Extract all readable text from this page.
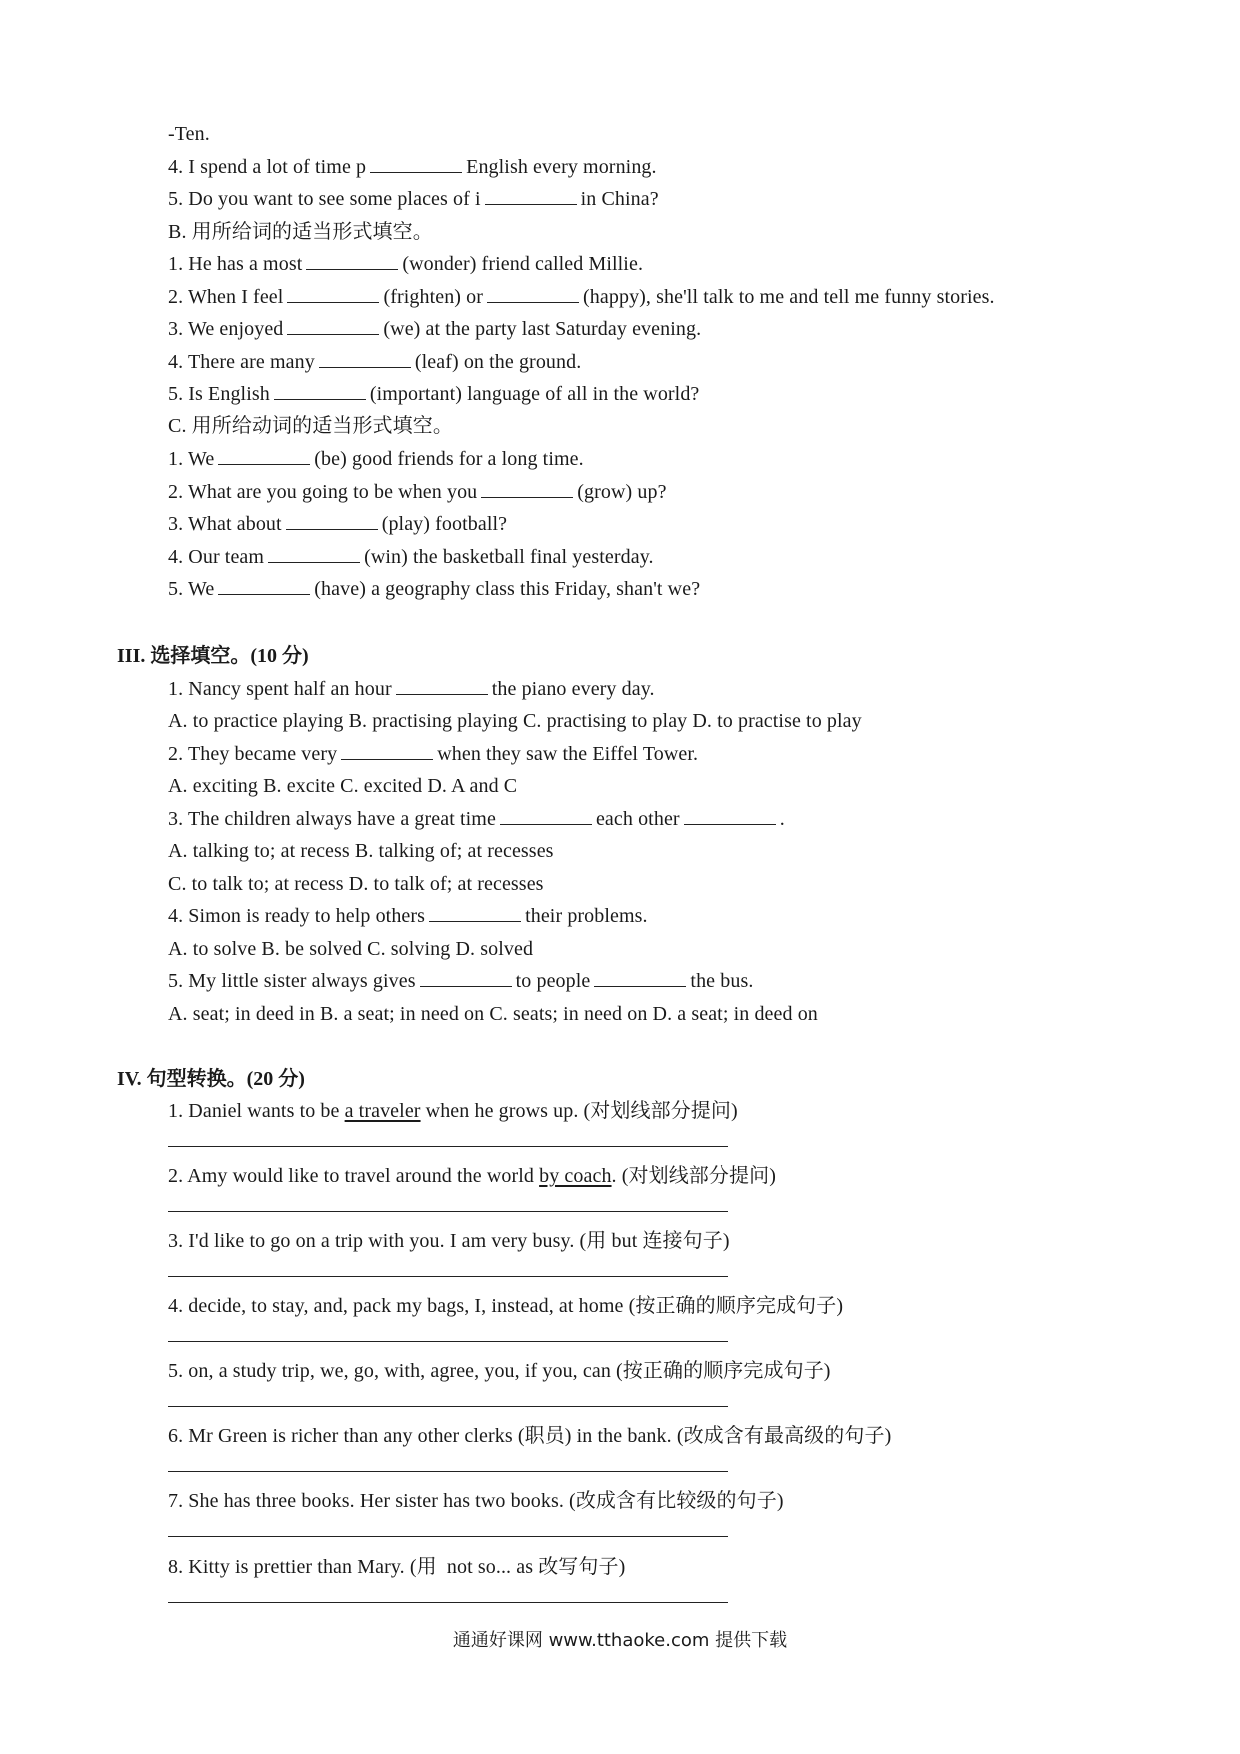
-Ten.
4. I spend a lot of time p	English every morning.
5. Do you want to see some places of i	in China?
B. 用所给词的适当形式填空。
1. He has a most	(wonder) friend called Millie.
2. When I feel	(frighten) or	(happy), she'll talk to me and tell me funny stories.
3. We enjoyed	(we) at the party last Saturday evening.
4. There are many	(leaf) on the ground.
5. Is English	(important) language of all in the world?
C. 用所给动词的适当形式填空。
1. We	(be) good friends for a long time.
2. What are you going to be when you	(grow) up?
3. What about	(play) football?
4. Our team	(win) the basketball final yesterday.
5. We	(have) a geography class this Friday, shan't we?
III. 选择填空。(10 分)
1. Nancy spent half an hour	the piano every day.
A. to practice playing B. practising playing C. practising to play D. to practise to play
2. They became very	when they saw the Eiffel Tower.
A. exciting B. excite C. excited D. A and C
3. The children always have a great time	each other	.
A. talking to; at recess B. talking of; at recesses
C. to talk to; at recess D. to talk of; at recesses
4. Simon is ready to help others	their problems.
A. to solve B. be solved C. solving D. solved
5. My little sister always gives	to people	the bus.
A. seat; in deed in B. a seat; in need on C. seats; in need on D. a seat; in deed on
IV. 句型转换。(20 分)
1. Daniel wants to be a traveler when he grows up. (对划线部分提问)
2. Amy would like to travel around the world by coach. (对划线部分提问)
3. I'd like to go on a trip with you. I am very busy. (用 but 连接句子)
4. decide, to stay, and, pack my bags, I, instead, at home (按正确的顺序完成句子)
5. on, a study trip, we, go, with, agree, you, if you, can (按正确的顺序完成句子)
6. Mr Green is richer than any other clerks (职员) in the bank. (改成含有最高级的句子)
7. She has three books. Her sister has two books. (改成含有比较级的句子)
8. Kitty is prettier than Mary. (用  not so... as 改写句子)
通通好课网 www.tthaoke.com 提供下载
